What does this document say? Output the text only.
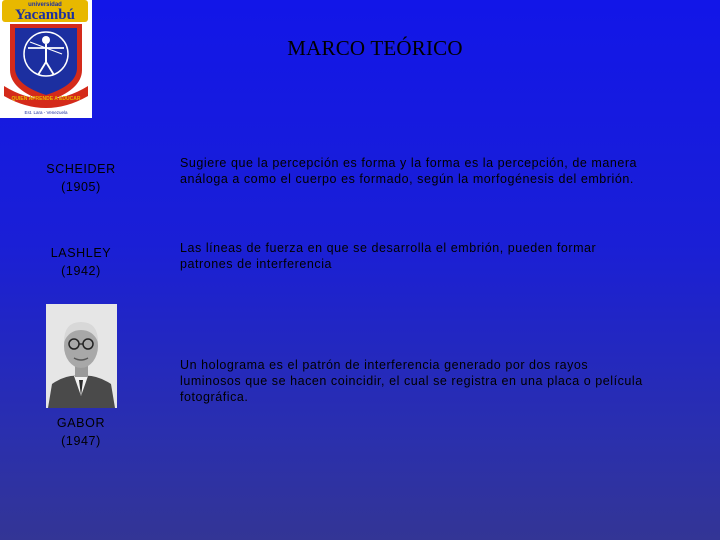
universidad
Yacambú
QUIEN APRENDE A EDUCAR
Est. Lara - Venezuela
MARCO TEÓRICO
SCHEIDER
(1905)
Sugiere que la percepción es forma y la forma es la percepción, de manera análoga a como el cuerpo es formado, según la morfogénesis del embrión.
LASHLEY
(1942)
Las líneas de fuerza en que se desarrolla el embrión, pueden formar patrones de interferencia
GABOR
(1947)
Un holograma es el patrón de interferencia generado por dos rayos luminosos que se hacen coincidir, el cual se registra en una placa o película fotográfica.
